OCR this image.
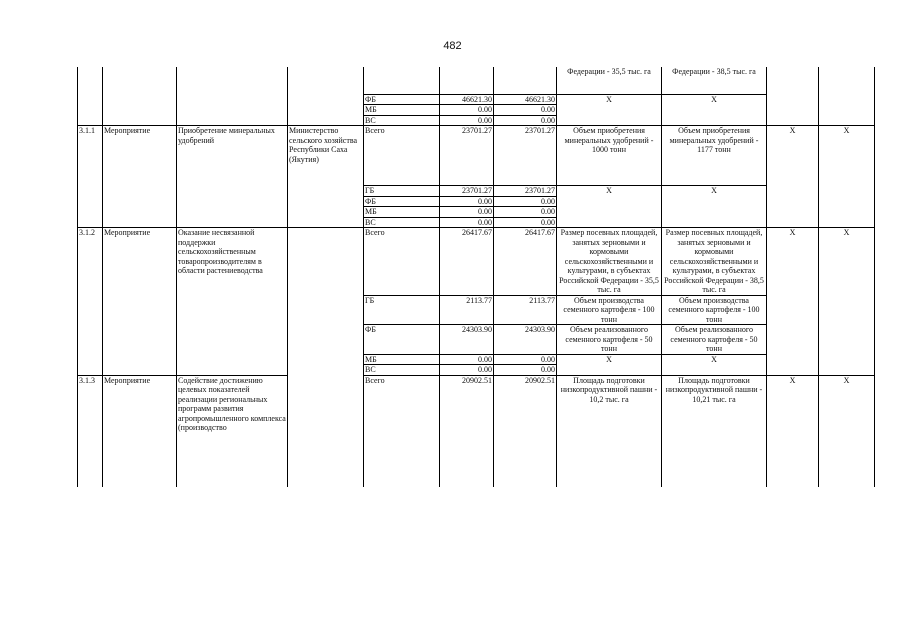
482
							Федерации - 35,5 тыс. га	Федерации - 38,5 тыс. га		
				ФБ	46621.30	46621.30	X	X		
				МБ	0.00	0.00				
				ВС	0.00	0.00				
3.1.1	Мероприятие	Приобретение минеральных удобрений	Министерство сельского хозяйства Республики Саха (Якутия)	Всего	23701.27	23701.27	Объем приобретения минеральных удобрений - 1000 тонн	Объем приобретения минеральных удобрений - 1177 тонн	X	X
				ГБ	23701.27	23701.27	X	X		
				ФБ	0.00	0.00				
				МБ	0.00	0.00				
				ВС	0.00	0.00				
3.1.2	Мероприятие	Оказание несвязанной поддержки сельскохозяйственным товаропроизводителям в области растениеводства		Всего	26417.67	26417.67	Размер посевных площадей, занятых зерновыми и кормовыми сельскохозяйственными и культурами, в субъектах Российской Федерации - 35,5 тыс. га	Размер посевных площадей, занятых зерновыми и кормовыми сельскохозяйственными и культурами, в субъектах Российской Федерации - 38,5 тыс. га	X	X
				ГБ	2113.77	2113.77	Объем производства семенного картофеля - 100 тонн	Объем производства семенного картофеля - 100 тонн		
				ФБ	24303.90	24303.90	Объем реализованного семенного картофеля - 50 тонн	Объем реализованного семенного картофеля - 50 тонн		
				МБ	0.00	0.00	X	X		
				ВС	0.00	0.00				
3.1.3	Мероприятие	Содействие достижению целевых показателей реализации региональных программ развития агропромышленного комплекса (производство		Всего	20902.51	20902.51	Площадь подготовки низкопродуктивной пашни - 10,2 тыс. га	Площадь подготовки низкопродуктивной пашни - 10,21 тыс. га	X	X
